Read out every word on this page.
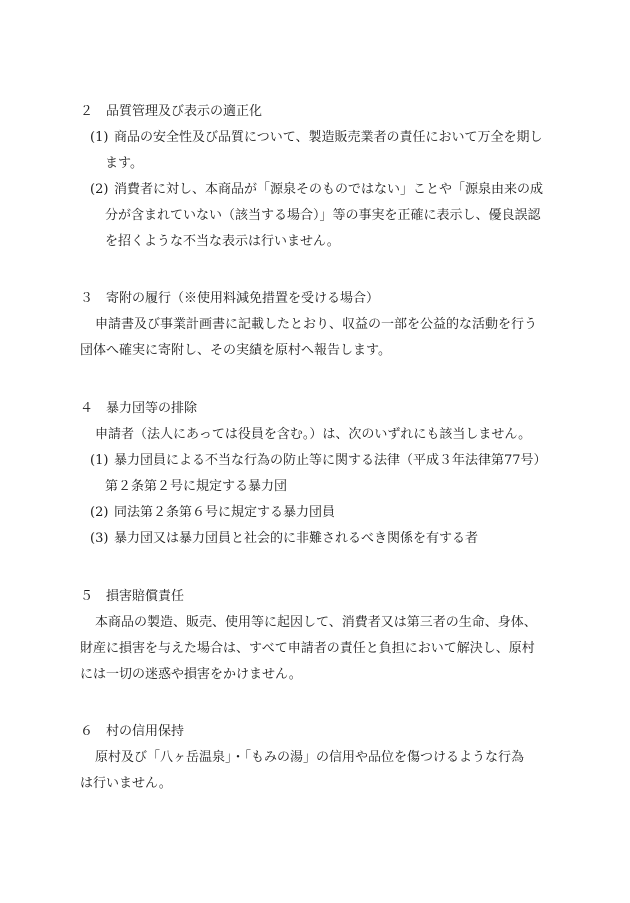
２ 品質管理及び表示の適正化
(1) 商品の安全性及び品質について、製造販売業者の責任において万全を期し
ます。
(2) 消費者に対し、本商品が「源泉そのものではない」ことや「源泉由来の成
分が含まれていない（該当する場合）」等の事実を正確に表示し、優良誤認
を招くような不当な表示は行いません。
３ 寄附の履行（※使用料減免措置を受ける場合）
申請書及び事業計画書に記載したとおり、収益の一部を公益的な活動を行う
団体へ確実に寄附し、その実績を原村へ報告します。
４ 暴力団等の排除
申請者（法人にあっては役員を含む。）は、次のいずれにも該当しません。
(1) 暴力団員による不当な行為の防止等に関する法律（平成３年法律第77号）
第２条第２号に規定する暴力団
(2) 同法第２条第６号に規定する暴力団員
(3) 暴力団又は暴力団員と社会的に非難されるべき関係を有する者
５ 損害賠償責任
本商品の製造、販売、使用等に起因して、消費者又は第三者の生命、身体、
財産に損害を与えた場合は、すべて申請者の責任と負担において解決し、原村
には一切の迷惑や損害をかけません。
６ 村の信用保持
原村及び「八ヶ岳温泉」・「もみの湯」の信用や品位を傷つけるような行為
は行いません。
